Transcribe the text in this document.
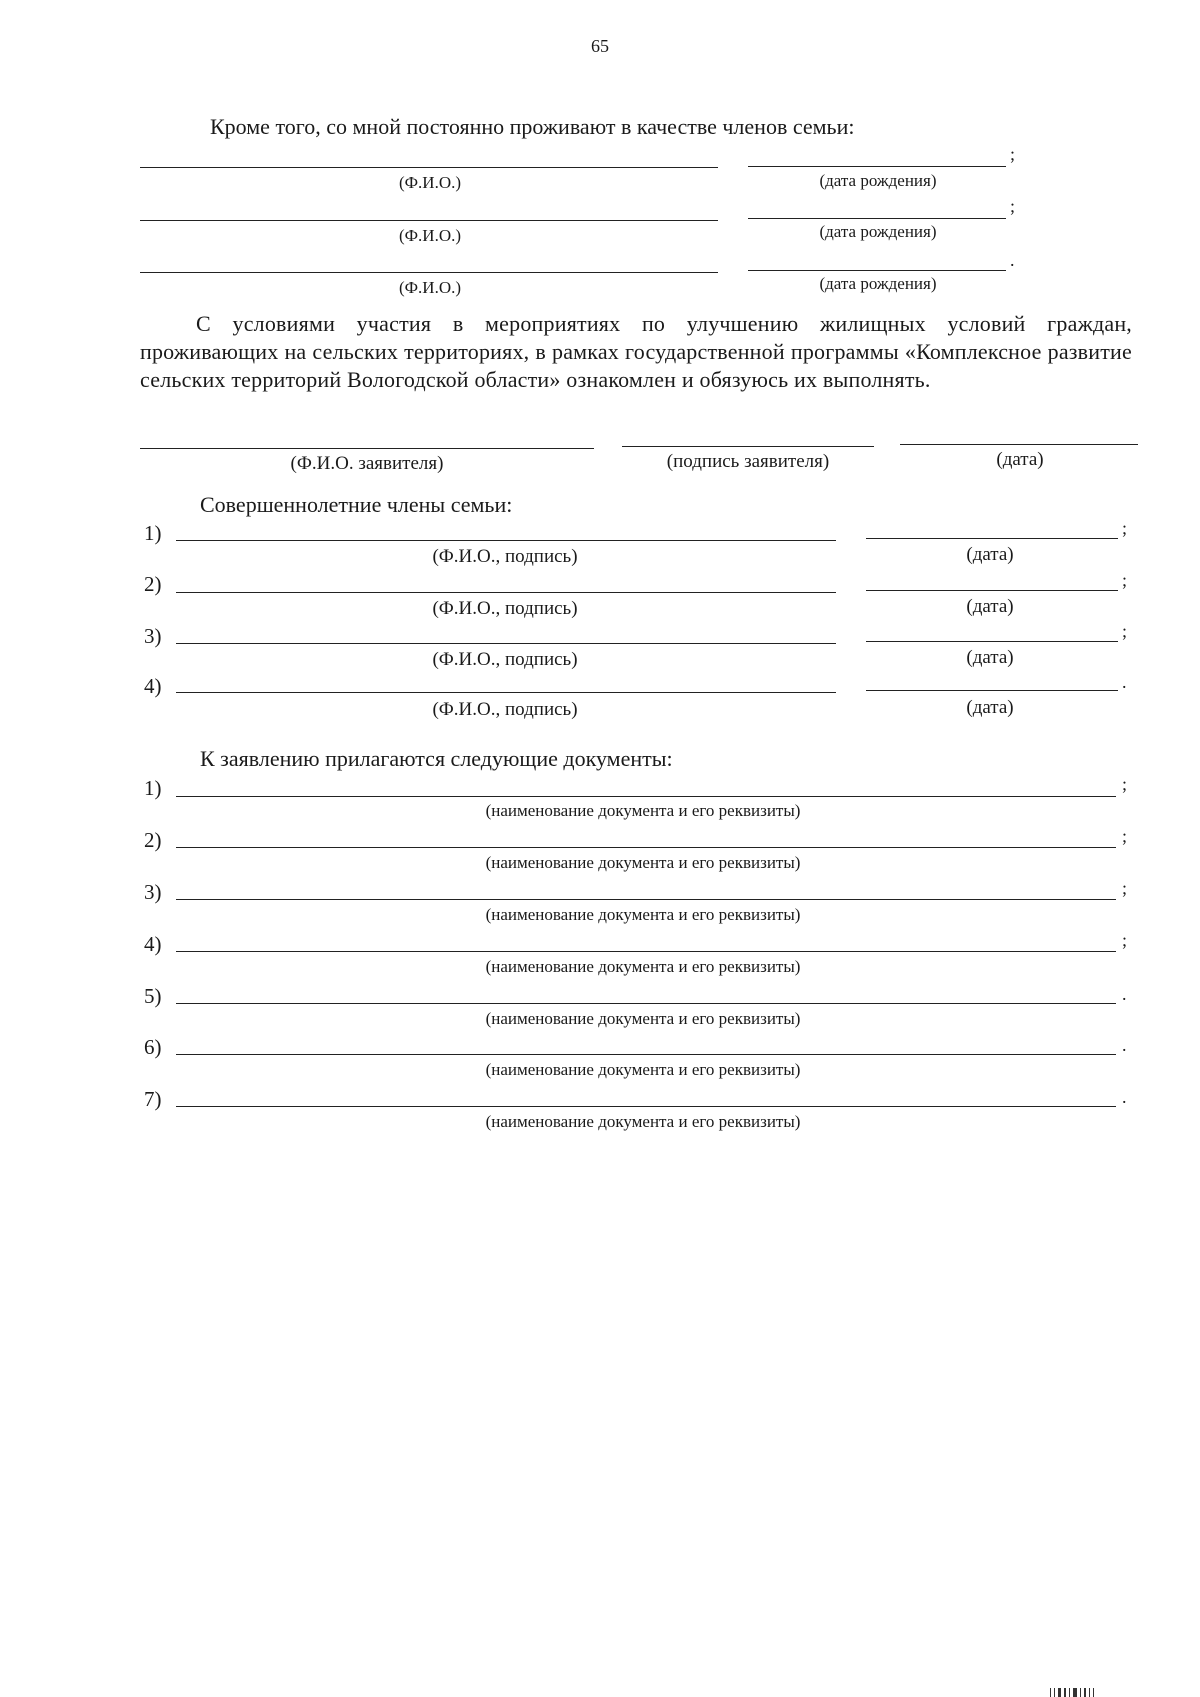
65
Кроме того, со мной постоянно проживают в качестве членов семьи:
;
(Ф.И.О.)	(дата рождения)
;
(Ф.И.О.)	(дата рождения)
.
(Ф.И.О.)	(дата рождения)
С условиями участия в мероприятиях по улучшению жилищных условий граждан, проживающих на сельских территориях, в рамках государственной программы «Комплексное развитие сельских территорий Вологодской области» ознакомлен и обязуюсь их выполнять.
(Ф.И.О. заявителя)	(подпись заявителя)	(дата)
Совершеннолетние члены семьи:
1)	;
(Ф.И.О., подпись)	(дата)
2)	;
(Ф.И.О., подпись)	(дата)
3)	;
(Ф.И.О., подпись)	(дата)
4)	.
(Ф.И.О., подпись)	(дата)
К заявлению прилагаются следующие документы:
1)	;
(наименование документа и его реквизиты)
2)	;
(наименование документа и его реквизиты)
3)	;
(наименование документа и его реквизиты)
4)	;
(наименование документа и его реквизиты)
5)	.
(наименование документа и его реквизиты)
6)	.
(наименование документа и его реквизиты)
7)	.
(наименование документа и его реквизиты)
